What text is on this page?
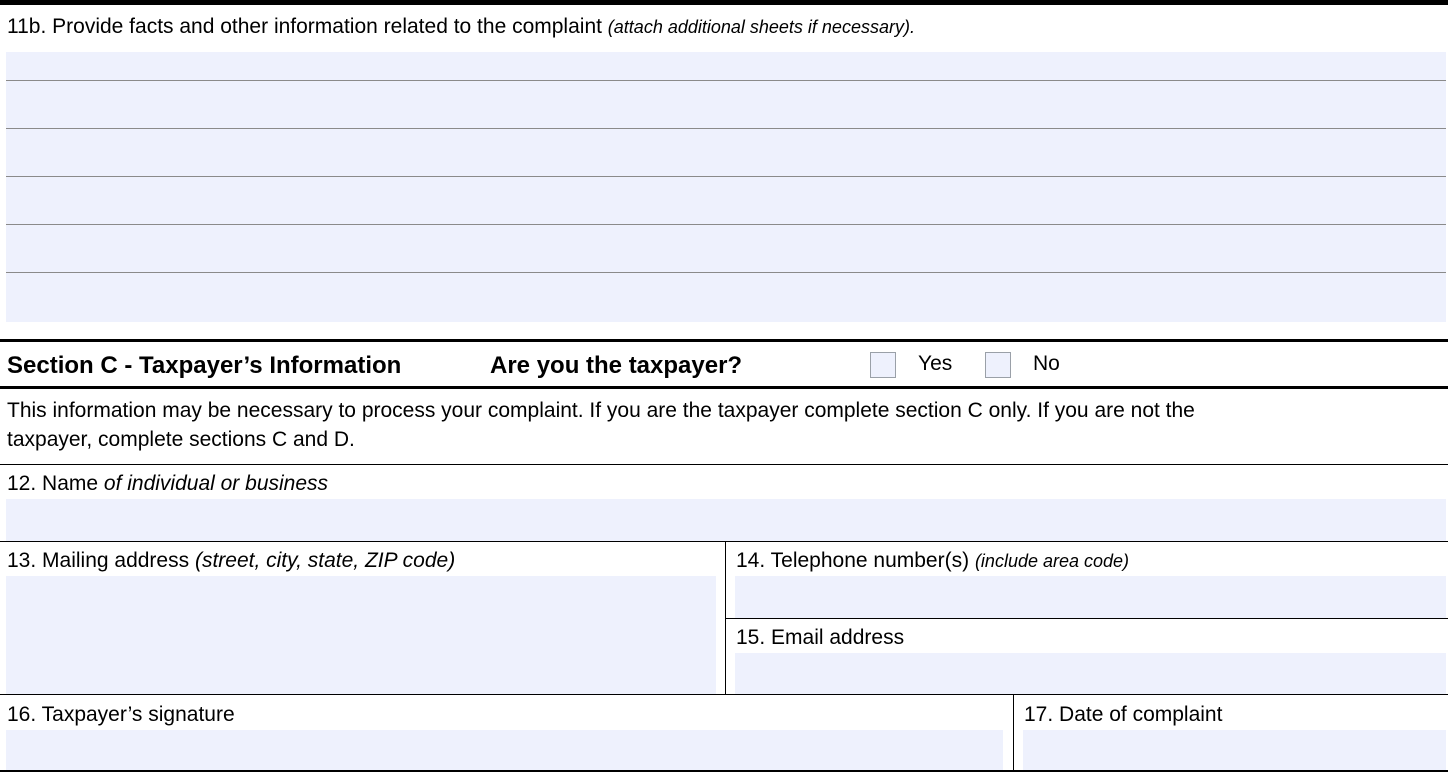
11b. Provide facts and other information related to the complaint (attach additional sheets if necessary).
Section C - Taxpayer’s Information	Are you the taxpayer?	Yes	No
This information may be necessary to process your complaint. If you are the taxpayer complete section C only. If you are not the
taxpayer, complete sections C and D.
12. Name of individual or business
13. Mailing address (street, city, state, ZIP code)	14. Telephone number(s) (include area code)
15. Email address
16. Taxpayer’s signature	17. Date of complaint
